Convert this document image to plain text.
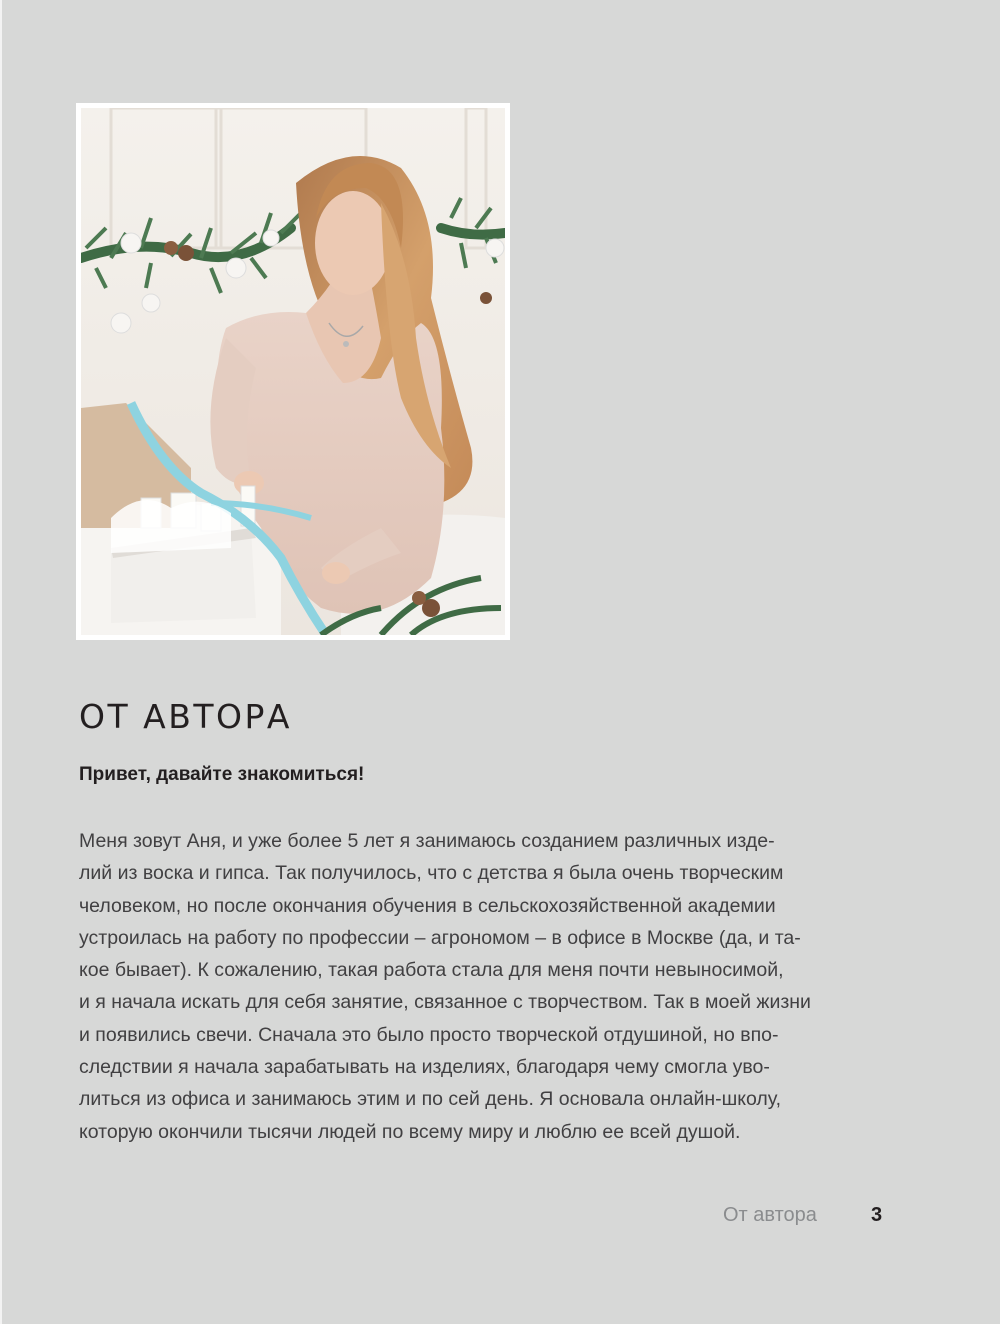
ОТ АВТОРА
Привет, давайте знакомиться!

Меня зовут Аня, и уже более 5 лет я занимаюсь созданием различных изде-
лий из воска и гипса. Так получилось, что с детства я была очень творческим
человеком, но после окончания обучения в сельскохозяйственной академии
устроилась на работу по профессии – агрономом – в офисе в Москве (да, и та-
кое бывает). К сожалению, такая работа стала для меня почти невыносимой,
и я начала искать для себя занятие, связанное с творчеством. Так в моей жизни
и появились свечи. Сначала это было просто творческой отдушиной, но впо-
следствии я начала зарабатывать на изделиях, благодаря чему смогла уво-
литься из офиса и занимаюсь этим и по сей день. Я основала онлайн-школу,
которую окончили тысячи людей по всему миру и люблю ее всей душой.

От автора	3
